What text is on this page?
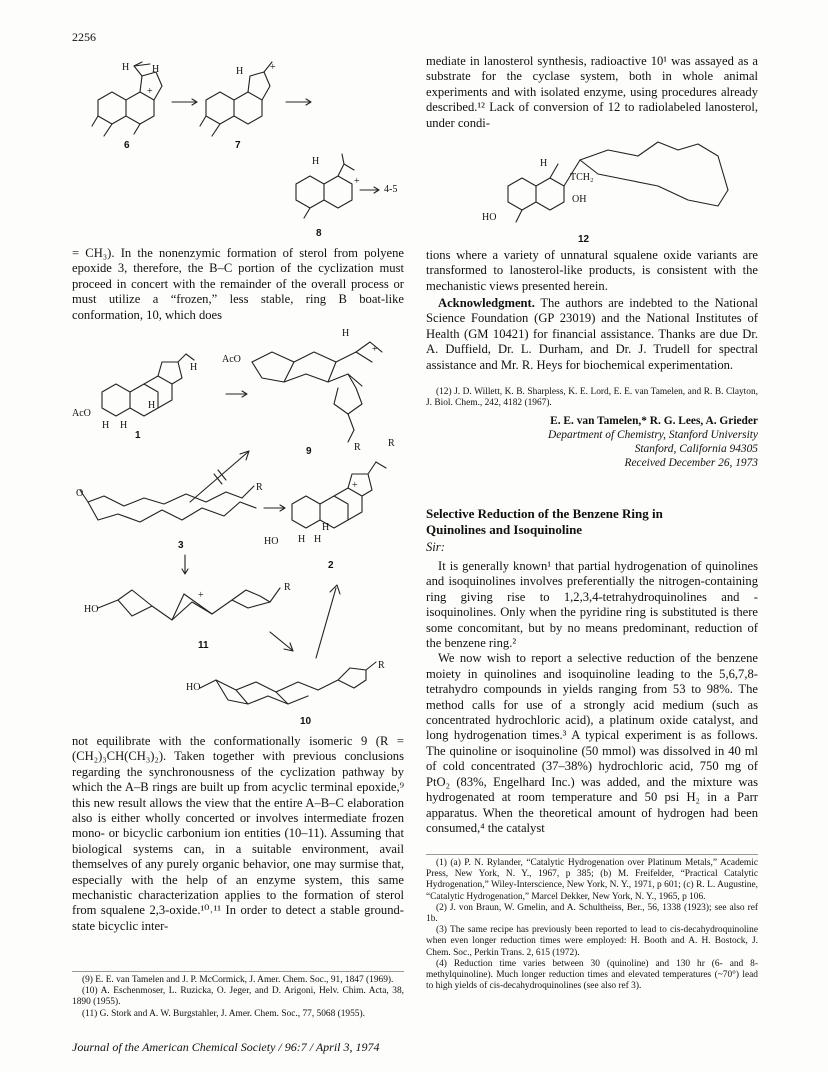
2256
H H
+
6
H	+
7
H
+
4-5
8

= CH₃). In the nonenzymic formation of sterol from polyene epoxide 3, therefore, the B–C portion of the cyclization must proceed in concert with the remainder of the overall process or must utilize a “frozen,” less stable, ring B boat-like conformation, 10, which does

H
AcO
H H
H
1
AcO
H
+
R
9
O
R
3	HO H H
H
+
R
2
HO
+
R
11
HO
R
10

not equilibrate with the conformationally isomeric 9 (R = (CH₂)₃CH(CH₃)₂). Taken together with previous conclusions regarding the synchronousness of the cyclization pathway by which the A–B rings are built up from acyclic terminal epoxide,⁹ this new result allows the view that the entire A–B–C elaboration also is either wholly concerted or involves intermediate frozen mono- or bicyclic carbonium ion entities (10–11). Assuming that biological systems can, in a suitable environment, avail themselves of any purely organic behavior, one may surmise that, especially with the help of an enzyme system, this same mechanistic characterization applies to the formation of sterol from squalene 2,3-oxide.¹⁰˒¹¹ In order to detect a stable ground-state bicyclic inter-

(9) E. E. van Tamelen and J. P. McCormick, J. Amer. Chem. Soc., 91, 1847 (1969).

(10) A. Eschenmoser, L. Ruzicka, O. Jeger, and D. Arigoni, Helv. Chim. Acta, 38, 1890 (1955).

(11) G. Stork and A. W. Burgstahler, J. Amer. Chem. Soc., 77, 5068 (1955).

mediate in lanosterol synthesis, radioactive 10¹ was assayed as a substrate for the cyclase system, both in whole animal experiments and with isolated enzyme, using procedures already described.¹² Lack of conversion of 12 to radiolabeled lanosterol, under condi-

HO
H
TCH₂
OH
12

tions where a variety of unnatural squalene oxide variants are transformed to lanosterol-like products, is consistent with the mechanistic views presented herein.

Acknowledgment. The authors are indebted to the National Science Foundation (GP 23019) and the National Institutes of Health (GM 10421) for financial assistance. Thanks are due Dr. A. Duffield, Dr. L. Durham, and Dr. J. Trudell for spectral assistance and Mr. R. Heys for biochemical experimentation.

(12) J. D. Willett, K. B. Sharpless, K. E. Lord, E. E. van Tamelen, and R. B. Clayton, J. Biol. Chem., 242, 4182 (1967).

E. E. van Tamelen,* R. G. Lees, A. Grieder
Department of Chemistry, Stanford University
Stanford, California 94305
Received December 26, 1973
Selective Reduction of the Benzene Ring in Quinolines and Isoquinoline
Sir:

It is generally known¹ that partial hydrogenation of quinolines and isoquinolines involves preferentially the nitrogen-containing ring giving rise to 1,2,3,4-tetrahydroquinolines and -isoquinolines. Only when the pyridine ring is substituted is there some concomitant, but by no means predominant, reduction of the benzene ring.²

We now wish to report a selective reduction of the benzene moiety in quinolines and isoquinoline leading to the 5,6,7,8-tetrahydro compounds in yields ranging from 53 to 98%. The method calls for use of a strongly acid medium (such as concentrated hydrochloric acid), a platinum oxide catalyst, and long hydrogenation times.³ A typical experiment is as follows. The quinoline or isoquinoline (50 mmol) was dissolved in 40 ml of cold concentrated (37–38%) hydrochloric acid, 750 mg of PtO₂ (83%, Engelhard Inc.) was added, and the mixture was hydrogenated at room temperature and 50 psi H₂ in a Parr apparatus. When the theoretical amount of hydrogen had been consumed,⁴ the catalyst

(1) (a) P. N. Rylander, “Catalytic Hydrogenation over Platinum Metals,” Academic Press, New York, N. Y., 1967, p 385; (b) M. Freifelder, “Practical Catalytic Hydrogenation,” Wiley-Interscience, New York, N. Y., 1971, p 601; (c) R. L. Augustine, “Catalytic Hydrogenation,” Marcel Dekker, New York, N. Y., 1965, p 106.

(2) J. von Braun, W. Gmelin, and A. Schultheiss, Ber., 56, 1338 (1923); see also ref 1b.

(3) The same recipe has previously been reported to lead to cis-decahydroquinoline when even longer reduction times were employed: H. Booth and A. H. Bostock, J. Chem. Soc., Perkin Trans. 2, 615 (1972).

(4) Reduction time varies between 30 (quinoline) and 130 hr (6- and 8-methylquinoline). Much longer reduction times and elevated temperatures (~70°) lead to high yields of cis-decahydroquinolines (see also ref 3).

Journal of the American Chemical Society / 96:7 / April 3, 1974
